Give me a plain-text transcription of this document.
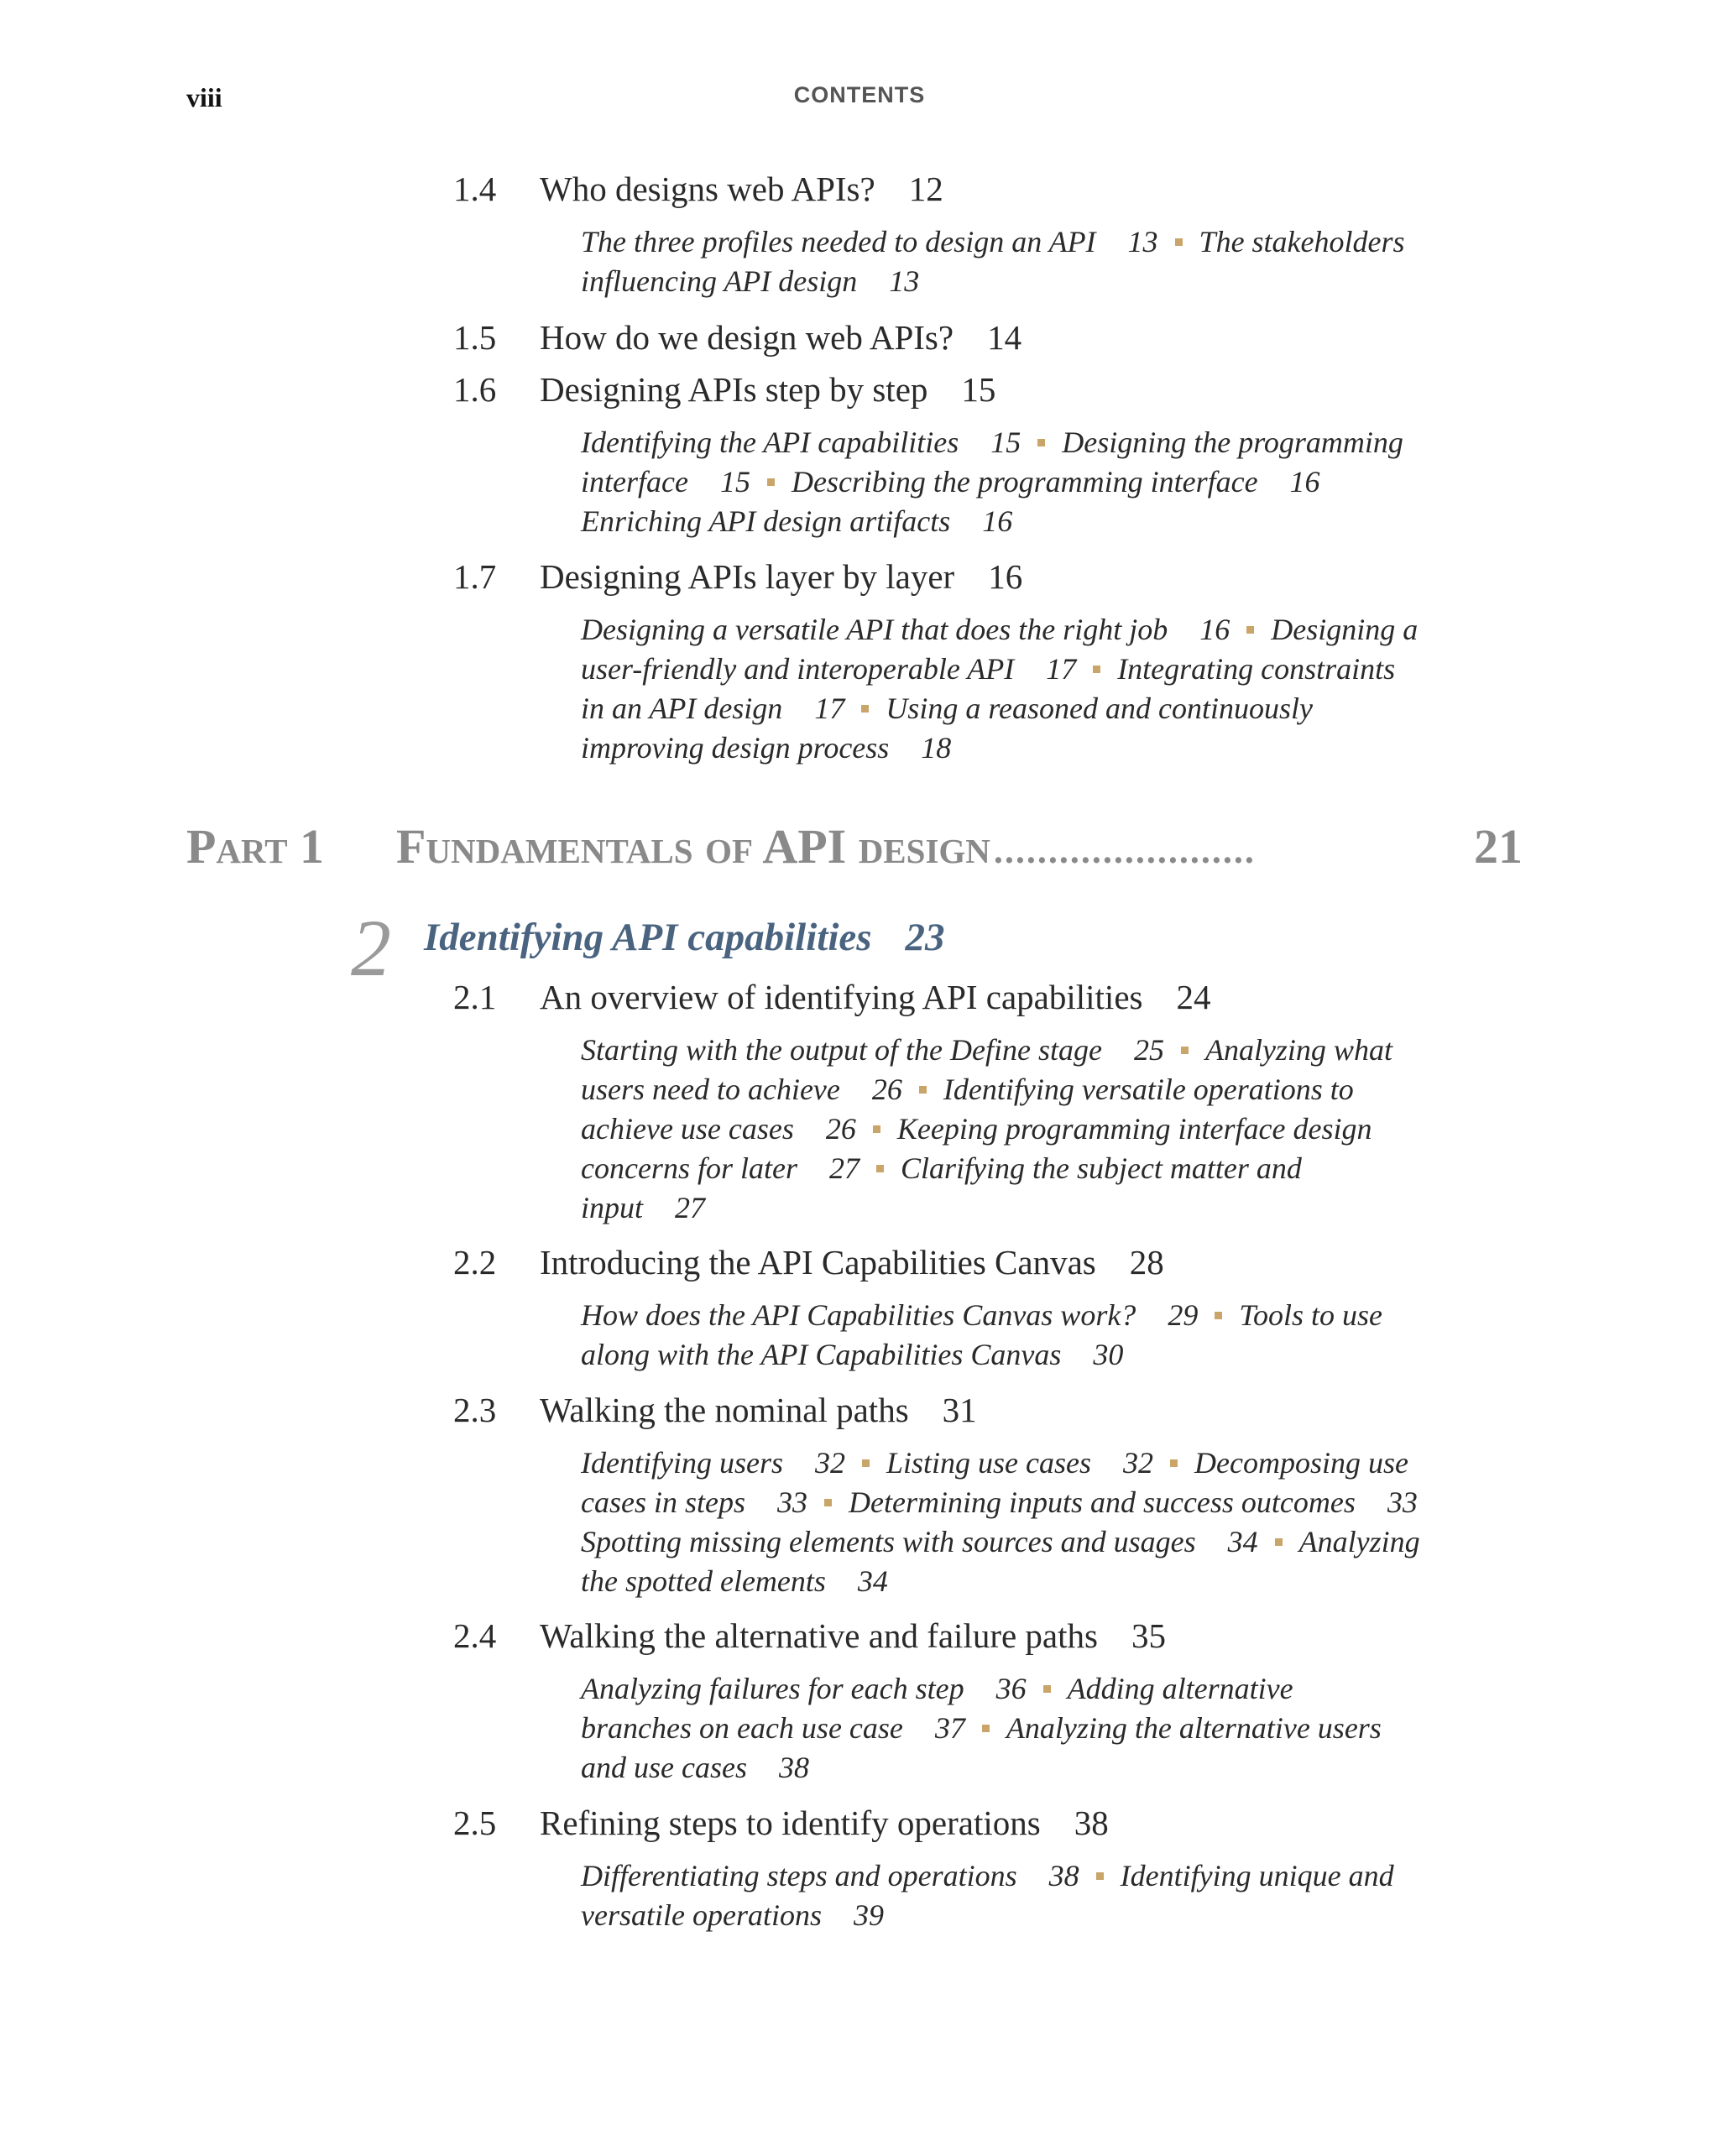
viii	CONTENTS
1.4 Who designs web APIs? 12
The three profiles needed to design an API 13 The stakeholders
influencing API design 13
1.5 How do we design web APIs? 14
1.6 Designing APIs step by step 15
Identifying the API capabilities 15 Designing the programming
interface 15 Describing the programming interface 16
Enriching API design artifacts 16
1.7 Designing APIs layer by layer 16
Designing a versatile API that does the right job 16 Designing a
user-friendly and interoperable API 17 Integrating constraints
in an API design 17 Using a reasoned and continuously
improving design process 18
Part 1	Fundamentals of API design ........................	21
2 Identifying API capabilities 23
2.1 An overview of identifying API capabilities 24
Starting with the output of the Define stage 25 Analyzing what
users need to achieve 26 Identifying versatile operations to
achieve use cases 26 Keeping programming interface design
concerns for later 27 Clarifying the subject matter and
input 27
2.2 Introducing the API Capabilities Canvas 28
How does the API Capabilities Canvas work? 29 Tools to use
along with the API Capabilities Canvas 30
2.3 Walking the nominal paths 31
Identifying users 32 Listing use cases 32 Decomposing use
cases in steps 33 Determining inputs and success outcomes 33
Spotting missing elements with sources and usages 34 Analyzing
the spotted elements 34
2.4 Walking the alternative and failure paths 35
Analyzing failures for each step 36 Adding alternative
branches on each use case 37 Analyzing the alternative users
and use cases 38
2.5 Refining steps to identify operations 38
Differentiating steps and operations 38 Identifying unique and
versatile operations 39
